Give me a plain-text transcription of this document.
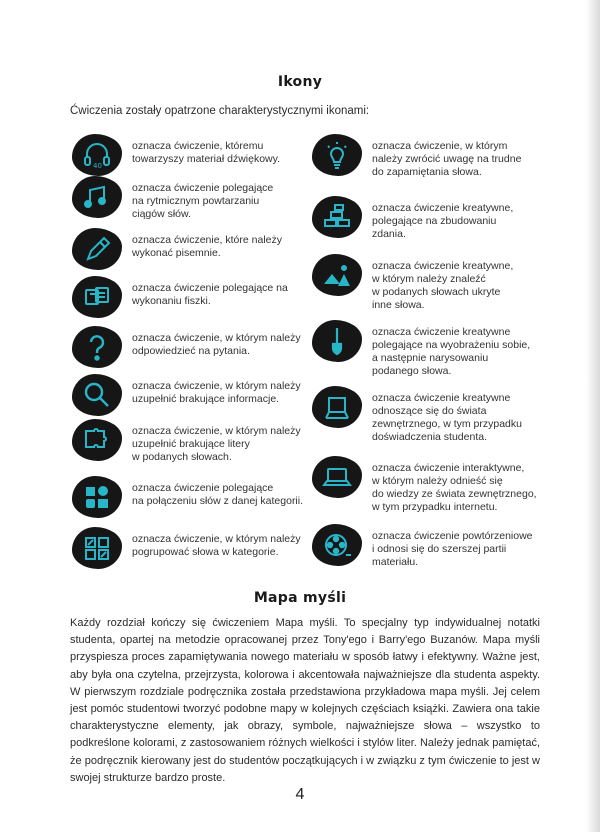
Ikony
Ćwiczenia zostały opatrzone charakterystycznymi ikonami:
40
oznacza ćwiczenie, któremu
towarzyszy materiał dźwiękowy.
oznacza ćwiczenie polegające
na rytmicznym powtarzaniu
ciągów słów.
oznacza ćwiczenie, które należy
wykonać pisemnie.
oznacza ćwiczenie polegające na
wykonaniu fiszki.
oznacza ćwiczenie, w którym należy
odpowiedzieć na pytania.
oznacza ćwiczenie, w którym należy
uzupełnić brakujące informacje.
oznacza ćwiczenie, w którym należy
uzupełnić brakujące litery
w podanych słowach.
oznacza ćwiczenie polegające
na połączeniu słów z danej kategorii.
oznacza ćwiczenie, w którym należy
pogrupować słowa w kategorie.
oznacza ćwiczenie, w którym
należy zwrócić uwagę na trudne
do zapamiętania słowa.
oznacza ćwiczenie kreatywne,
polegające na zbudowaniu
zdania.
oznacza ćwiczenie kreatywne,
w którym należy znaleźć
w podanych słowach ukryte
inne słowa.
oznacza ćwiczenie kreatywne
polegające na wyobrażeniu sobie,
a następnie narysowaniu
podanego słowa.
oznacza ćwiczenie kreatywne
odnoszące się do świata
zewnętrznego, w tym przypadku
doświadczenia studenta.
oznacza ćwiczenie interaktywne,
w którym należy odnieść się
do wiedzy ze świata zewnętrznego,
w tym przypadku internetu.
oznacza ćwiczenie powtórzeniowe
i odnosi się do szerszej partii
materiału.
Mapa myśli
Każdy rozdział kończy się ćwiczeniem Mapa myśli. To specjalny typ indywidualnej notatki studenta, opartej na metodzie opracowanej przez Tony'ego i Barry'ego Buzanów. Mapa myśli przyspiesza proces zapamiętywania nowego materiału w sposób łatwy i efektywny. Ważne jest, aby była ona czytelna, przejrzysta, kolorowa i akcentowała najważniejsze dla studenta aspekty. W pierwszym rozdziale podręcznika została przedstawiona przykładowa mapa myśli. Jej celem jest pomóc studentowi tworzyć podobne mapy w kolejnych częściach książki. Zawiera ona takie charakterystyczne elementy, jak obrazy, symbole, najważniejsze słowa – wszystko to podkreślone kolorami, z zastosowaniem różnych wielkości i stylów liter. Należy jednak pamiętać, że podręcznik kierowany jest do studentów początkujących i w związku z tym ćwiczenie to jest w swojej strukturze bardzo proste.
4
